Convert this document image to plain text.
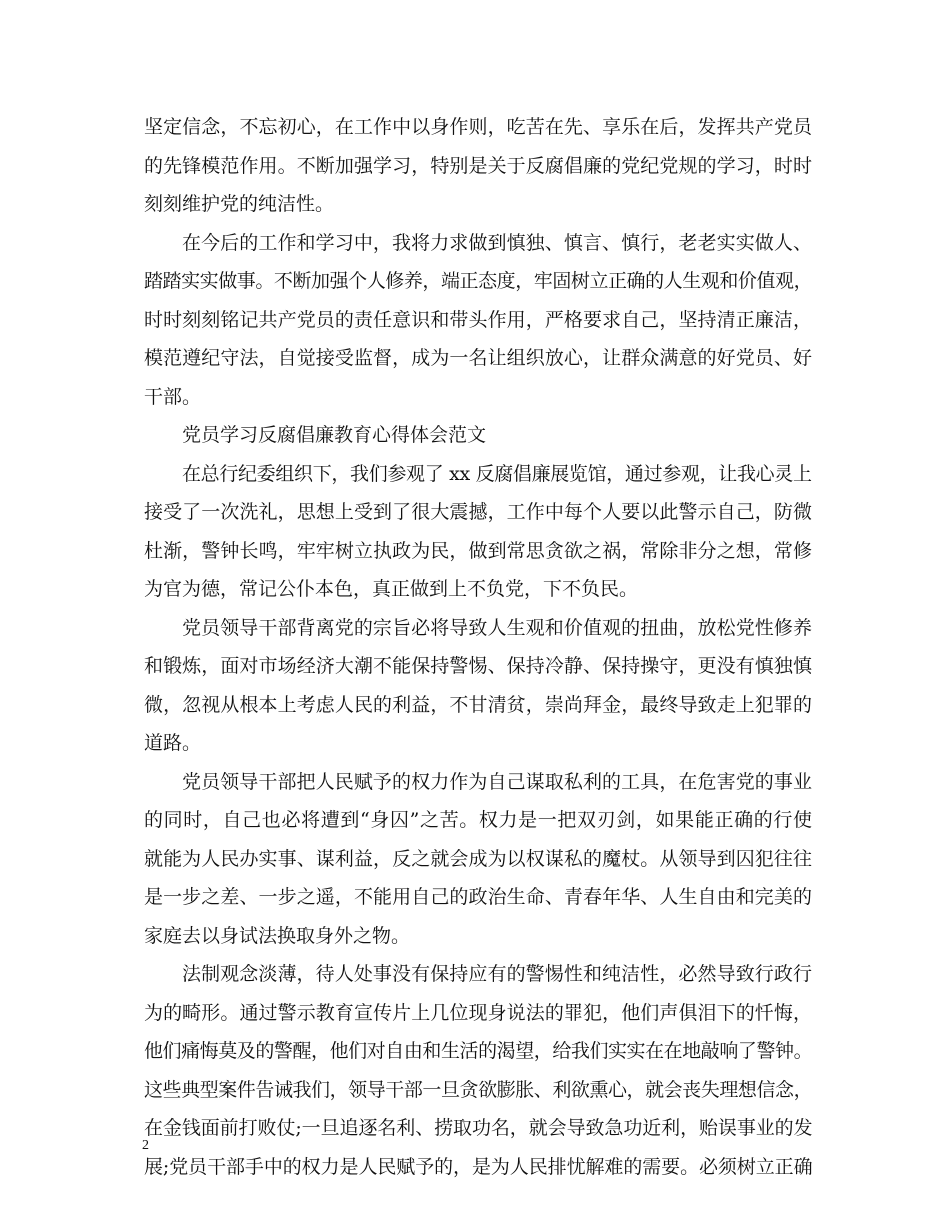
坚定信念，不忘初心，在工作中以身作则，吃苦在先、享乐在后，发挥共产党员
的先锋模范作用。不断加强学习，特别是关于反腐倡廉的党纪党规的学习，时时
刻刻维护党的纯洁性。
在今后的工作和学习中，我将力求做到慎独、慎言、慎行，老老实实做人、
踏踏实实做事。不断加强个人修养，端正态度，牢固树立正确的人生观和价值观，
时时刻刻铭记共产党员的责任意识和带头作用，严格要求自己，坚持清正廉洁，
模范遵纪守法，自觉接受监督，成为一名让组织放心，让群众满意的好党员、好
干部。
党员学习反腐倡廉教育心得体会范文
在总行纪委组织下，我们参观了 xx 反腐倡廉展览馆，通过参观，让我心灵上
接受了一次洗礼，思想上受到了很大震撼，工作中每个人要以此警示自己，防微
杜渐，警钟长鸣，牢牢树立执政为民，做到常思贪欲之祸，常除非分之想，常修
为官为德，常记公仆本色，真正做到上不负党，下不负民。
党员领导干部背离党的宗旨必将导致人生观和价值观的扭曲，放松党性修养
和锻炼，面对市场经济大潮不能保持警惕、保持冷静、保持操守，更没有慎独慎
微，忽视从根本上考虑人民的利益，不甘清贫，崇尚拜金，最终导致走上犯罪的
道路。
党员领导干部把人民赋予的权力作为自己谋取私利的工具，在危害党的事业
的同时，自己也必将遭到“身囚”之苦。权力是一把双刃剑，如果能正确的行使
就能为人民办实事、谋利益，反之就会成为以权谋私的魔杖。从领导到囚犯往往
是一步之差、一步之遥，不能用自己的政治生命、青春年华、人生自由和完美的
家庭去以身试法换取身外之物。
法制观念淡薄，待人处事没有保持应有的警惕性和纯洁性，必然导致行政行
为的畸形。通过警示教育宣传片上几位现身说法的罪犯，他们声俱泪下的忏悔，
他们痛悔莫及的警醒，他们对自由和生活的渴望，给我们实实在在地敲响了警钟。
这些典型案件告诫我们，领导干部一旦贪欲膨胀、利欲熏心，就会丧失理想信念，
在金钱面前打败仗;一旦追逐名利、捞取功名，就会导致急功近利，贻误事业的发
展;党员干部手中的权力是人民赋予的，是为人民排忧解难的需要。必须树立正确
2
